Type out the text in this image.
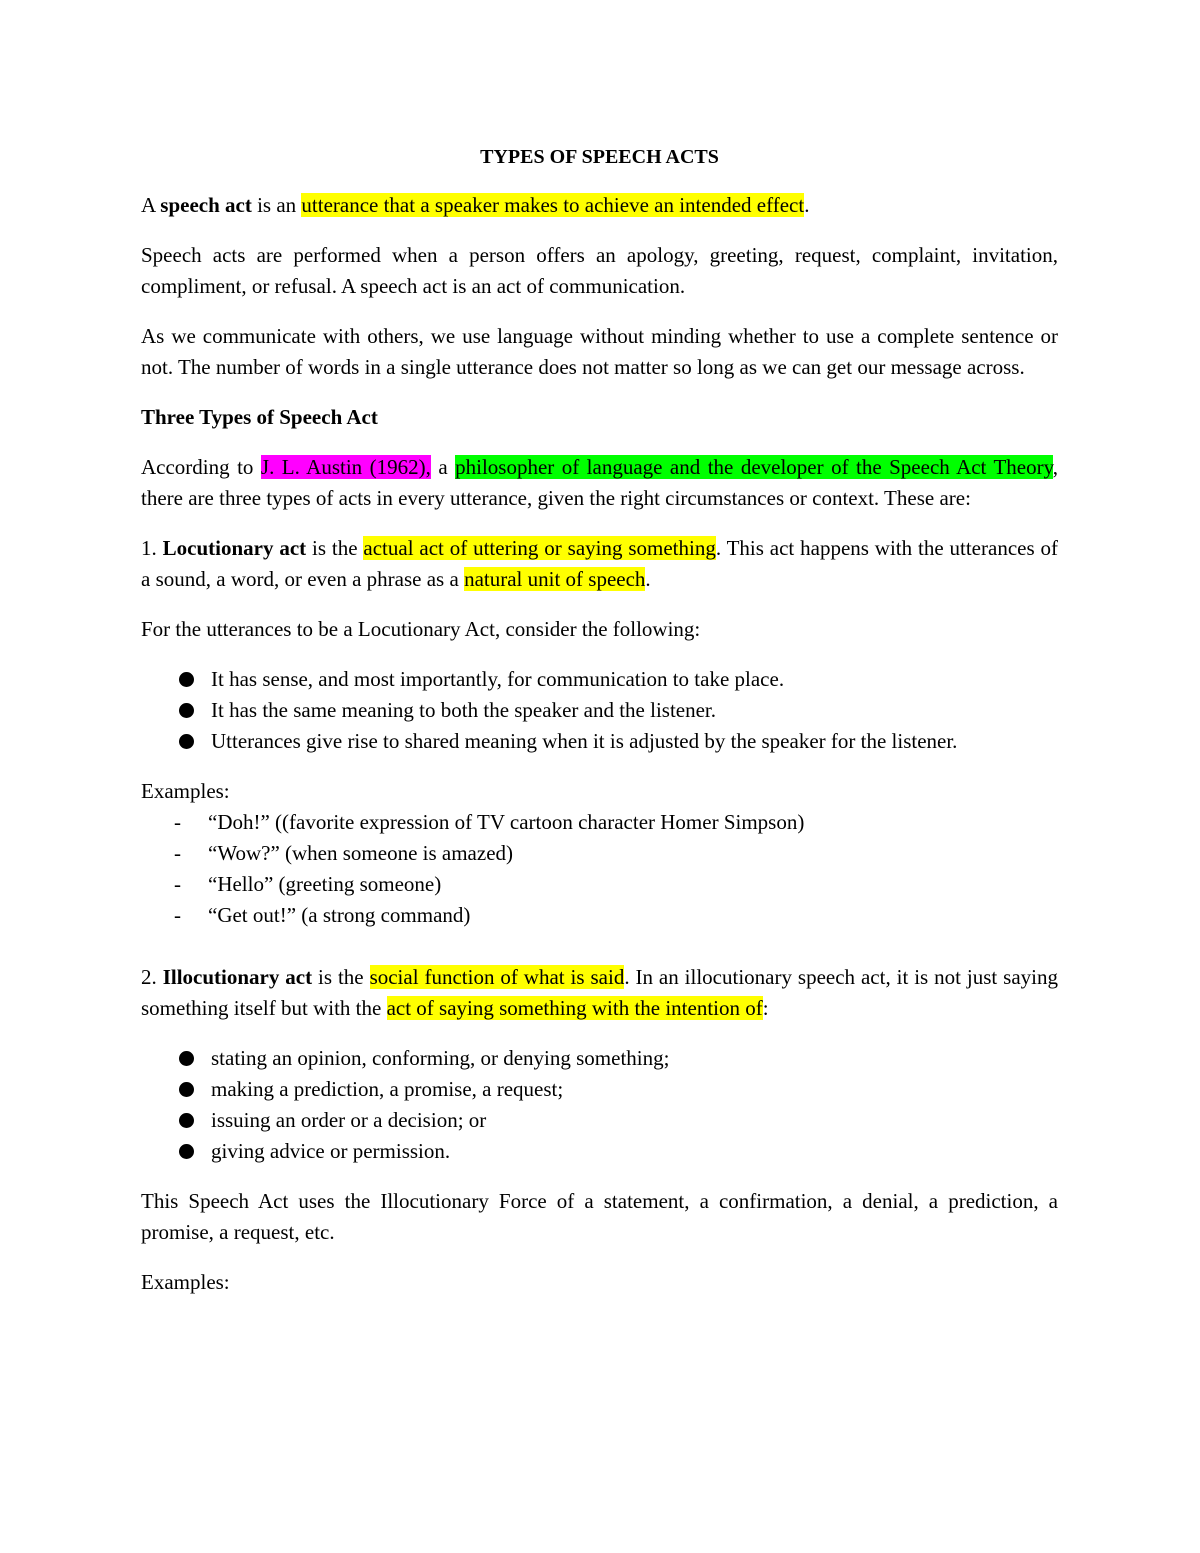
TYPES OF SPEECH ACTS

A speech act is an utterance that a speaker makes to achieve an intended effect.

Speech acts are performed when a person offers an apology, greeting, request, complaint, invitation, compliment, or refusal. A speech act is an act of communication.

As we communicate with others, we use language without minding whether to use a complete sentence or not. The number of words in a single utterance does not matter so long as we can get our message across.

Three Types of Speech Act

According to J. L. Austin (1962), a philosopher of language and the developer of the Speech Act Theory, there are three types of acts in every utterance, given the right circumstances or context. These are:

1. Locutionary act is the actual act of uttering or saying something. This act happens with the utterances of a sound, a word, or even a phrase as a natural unit of speech.

For the utterances to be a Locutionary Act, consider the following:

It has sense, and most importantly, for communication to take place.
It has the same meaning to both the speaker and the listener.
Utterances give rise to shared meaning when it is adjusted by the speaker for the listener.

Examples:

- “Doh!” ((favorite expression of TV cartoon character Homer Simpson)
- “Wow?” (when someone is amazed)
- “Hello” (greeting someone)
- “Get out!” (a strong command)

2. Illocutionary act is the social function of what is said. In an illocutionary speech act, it is not just saying something itself but with the act of saying something with the intention of:

stating an opinion, conforming, or denying something;
making a prediction, a promise, a request;
issuing an order or a decision; or
giving advice or permission.

This Speech Act uses the Illocutionary Force of a statement, a confirmation, a denial, a prediction, a promise, a request, etc.

Examples:
